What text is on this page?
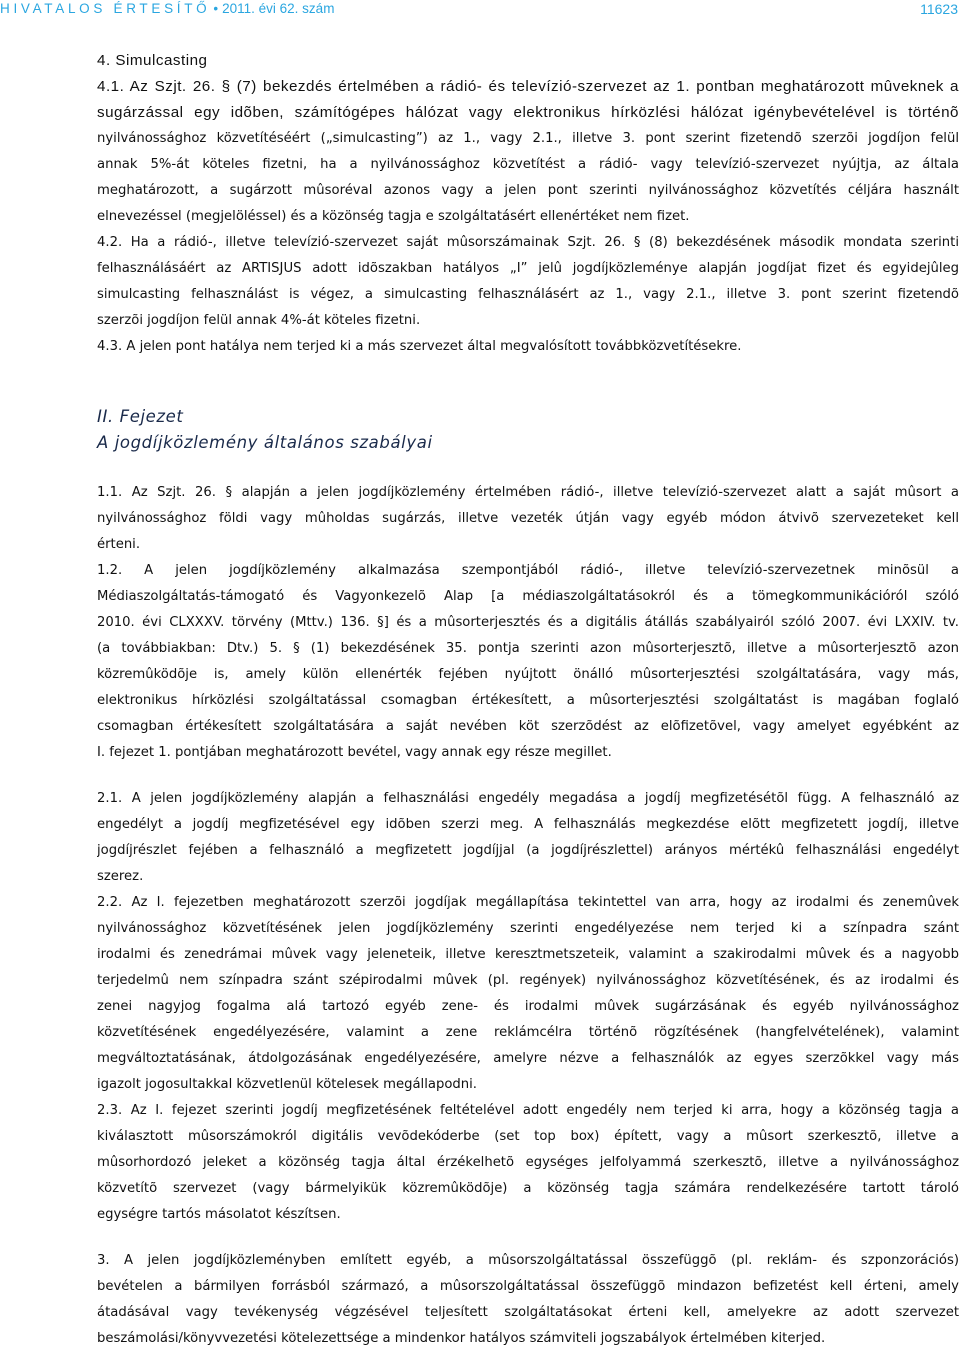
HIVATALOS ÉRTESÍTŐ • 2011. évi 62. szám	11623
4. Simulcasting
4.1. Az Szjt. 26. § (7) bekezdés értelmében a rádió- és televízió-szervezet az 1. pontban meghatározott mûveknek a
sugárzással egy idõben, számítógépes hálózat vagy elektronikus hírközlési hálózat igénybevételével is történõ
nyilvánossághoz közvetítéséért („simulcasting”) az 1., vagy 2.1., illetve 3. pont szerint fizetendõ szerzõi jogdíjon felül
annak 5%-át köteles fizetni, ha a nyilvánossághoz közvetítést a rádió- vagy televízió-szervezet nyújtja, az általa
meghatározott, a sugárzott mûsoréval azonos vagy a jelen pont szerinti nyilvánossághoz közvetítés céljára használt
elnevezéssel (megjelöléssel) és a közönség tagja e szolgáltatásért ellenértéket nem fizet.
4.2. Ha a rádió-, illetve televízió-szervezet saját mûsorszámainak Szjt. 26. § (8) bekezdésének második mondata szerinti
felhasználásáért az ARTISJUS adott idõszakban hatályos „I” jelû jogdíjközleménye alapján jogdíjat fizet és egyidejûleg
simulcasting felhasználást is végez, a simulcasting felhasználásért az 1., vagy 2.1., illetve 3. pont szerint fizetendõ
szerzõi jogdíjon felül annak 4%-át köteles fizetni.
4.3. A jelen pont hatálya nem terjed ki a más szervezet által megvalósított továbbközvetítésekre.
II. Fejezet
A jogdíjközlemény általános szabályai
1.1. Az Szjt. 26. § alapján a jelen jogdíjközlemény értelmében rádió-, illetve televízió-szervezet alatt a saját mûsort a
nyilvánossághoz földi vagy mûholdas sugárzás, illetve vezeték útján vagy egyéb módon átvivõ szervezeteket kell
érteni.
1.2. A jelen jogdíjközlemény alkalmazása szempontjából rádió-, illetve televízió-szervezetnek minõsül a
Médiaszolgáltatás-támogató és Vagyonkezelõ Alap [a médiaszolgáltatásokról és a tömegkommunikációról szóló
2010. évi CLXXXV. törvény (Mttv.) 136. §] és a mûsorterjesztés és a digitális átállás szabályairól szóló 2007. évi LXXIV. tv.
(a továbbiakban: Dtv.) 5. § (1) bekezdésének 35. pontja szerinti azon mûsorterjesztõ, illetve a mûsorterjesztõ azon
közremûködõje is, amely külön ellenérték fejében nyújtott önálló mûsorterjesztési szolgáltatására, vagy más,
elektronikus hírközlési szolgáltatással csomagban értékesített, a mûsorterjesztési szolgáltatást is magában foglaló
csomagban értékesített szolgáltatására a saját nevében köt szerzõdést az elõfizetõvel, vagy amelyet egyébként az
I. fejezet 1. pontjában meghatározott bevétel, vagy annak egy része megillet.
2.1. A jelen jogdíjközlemény alapján a felhasználási engedély megadása a jogdíj megfizetésétõl függ. A felhasználó az
engedélyt a jogdíj megfizetésével egy idõben szerzi meg. A felhasználás megkezdése elõtt megfizetett jogdíj, illetve
jogdíjrészlet fejében a felhasználó a megfizetett jogdíjjal (a jogdíjrészlettel) arányos mértékû felhasználási engedélyt
szerez.
2.2. Az I. fejezetben meghatározott szerzõi jogdíjak megállapítása tekintettel van arra, hogy az irodalmi és zenemûvek
nyilvánossághoz közvetítésének jelen jogdíjközlemény szerinti engedélyezése nem terjed ki a színpadra szánt
irodalmi és zenedrámai mûvek vagy jeleneteik, illetve keresztmetszeteik, valamint a szakirodalmi mûvek és a nagyobb
terjedelmû nem színpadra szánt szépirodalmi mûvek (pl. regények) nyilvánossághoz közvetítésének, és az irodalmi és
zenei nagyjog fogalma alá tartozó egyéb zene- és irodalmi mûvek sugárzásának és egyéb nyilvánossághoz
közvetítésének engedélyezésére, valamint a zene reklámcélra történõ rögzítésének (hangfelvételének), valamint
megváltoztatásának, átdolgozásának engedélyezésére, amelyre nézve a felhasználók az egyes szerzõkkel vagy más
igazolt jogosultakkal közvetlenül kötelesek megállapodni.
2.3. Az I. fejezet szerinti jogdíj megfizetésének feltételével adott engedély nem terjed ki arra, hogy a közönség tagja a
kiválasztott mûsorszámokról digitális vevõdekóderbe (set top box) épített, vagy a mûsort szerkesztõ, illetve a
mûsorhordozó jeleket a közönség tagja által érzékelhetõ egységes jelfolyammá szerkesztõ, illetve a nyilvánossághoz
közvetítõ szervezet (vagy bármelyikük közremûködõje) a közönség tagja számára rendelkezésére tartott tároló
egységre tartós másolatot készítsen.
3. A jelen jogdíjközleményben említett egyéb, a mûsorszolgáltatással összefüggõ (pl. reklám- és szponzorációs)
bevételen a bármilyen forrásból származó, a mûsorszolgáltatással összefüggõ mindazon befizetést kell érteni, amely
átadásával vagy tevékenység végzésével teljesített szolgáltatásokat érteni kell, amelyekre az adott szervezet
beszámolási/könyvvezetési kötelezettsége a mindenkor hatályos számviteli jogszabályok értelmében kiterjed.
